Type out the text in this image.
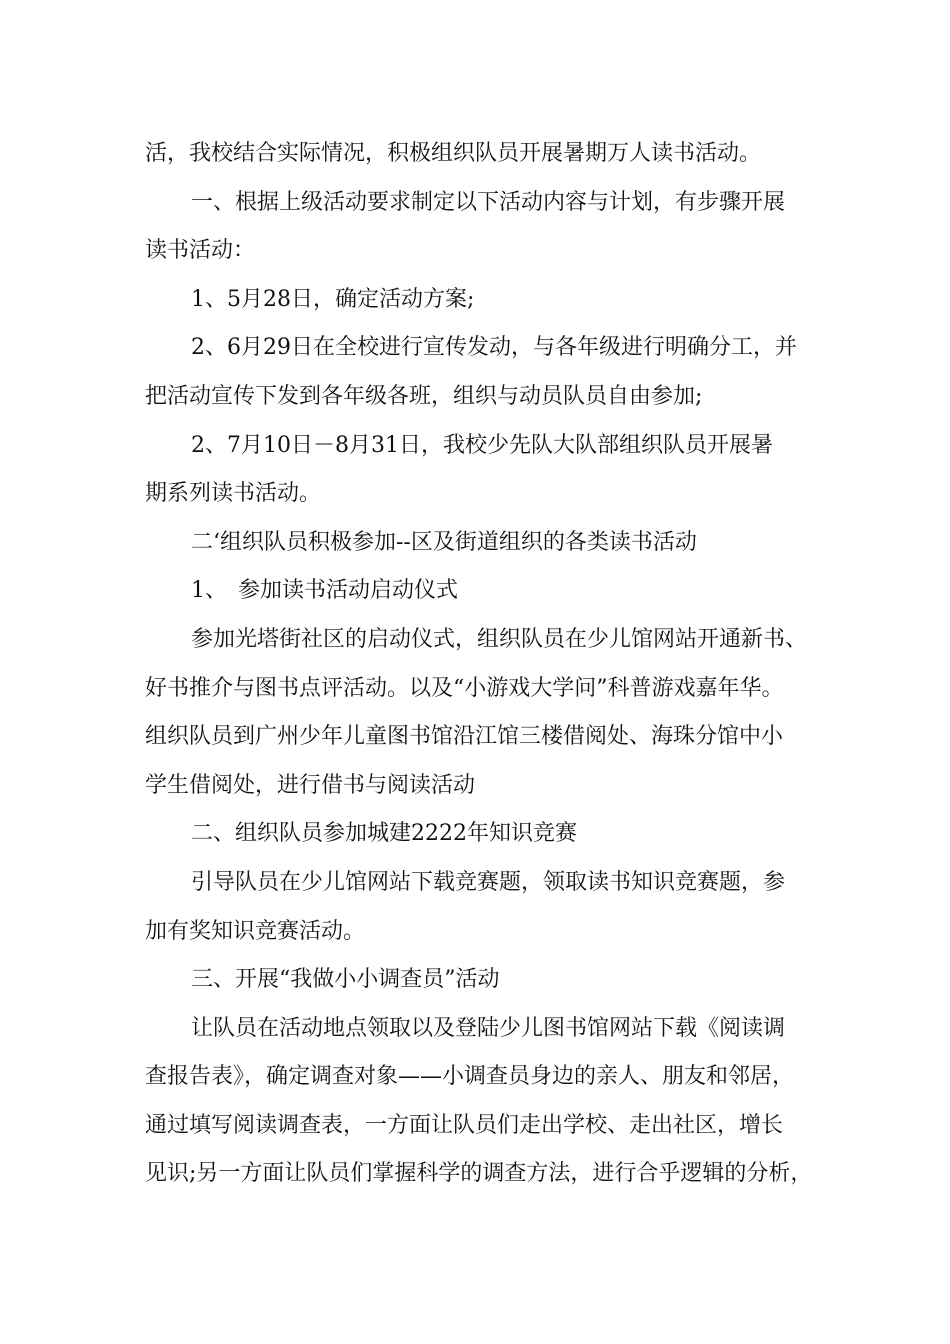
活，我校结合实际情况，积极组织队员开展暑期万人读书活动。
一、根据上级活动要求制定以下活动内容与计划，有步骤开展
读书活动：
1、5月28日，确定活动方案;
2、6月29日在全校进行宣传发动，与各年级进行明确分工，并
把活动宣传下发到各年级各班，组织与动员队员自由参加;
2、7月10日－8月31日，我校少先队大队部组织队员开展暑
期系列读书活动。
二‘组织队员积极参加--区及街道组织的各类读书活动
1、　参加读书活动启动仪式
参加光塔街社区的启动仪式，组织队员在少儿馆网站开通新书、
好书推介与图书点评活动。以及“小游戏大学问”科普游戏嘉年华。
组织队员到广州少年儿童图书馆沿江馆三楼借阅处、海珠分馆中小
学生借阅处，进行借书与阅读活动
二、组织队员参加城建2222年知识竞赛
引导队员在少儿馆网站下载竞赛题，领取读书知识竞赛题，参
加有奖知识竞赛活动。
三、开展“我做小小调查员”活动
让队员在活动地点领取以及登陆少儿图书馆网站下载《阅读调
查报告表》，确定调查对象——小调查员身边的亲人、朋友和邻居，
通过填写阅读调查表，一方面让队员们走出学校、走出社区，增长
见识;另一方面让队员们掌握科学的调查方法，进行合乎逻辑的分析，
